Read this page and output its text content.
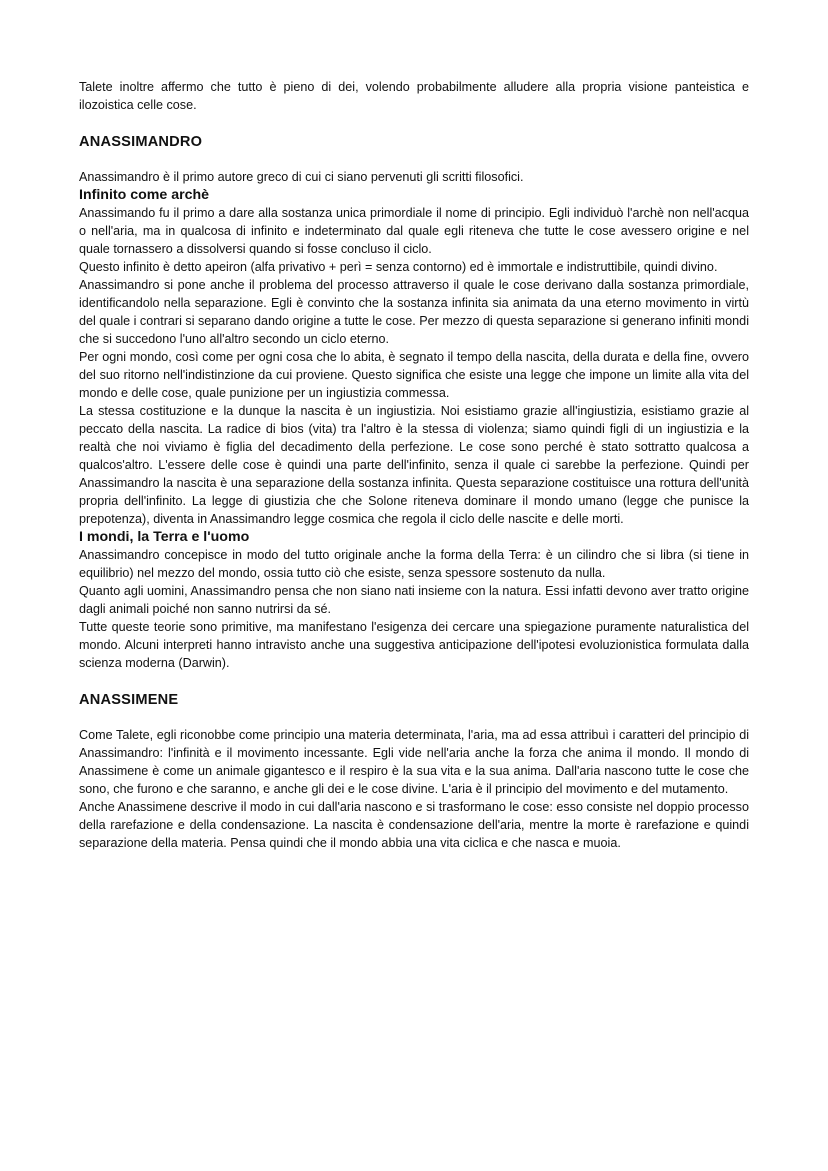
Talete inoltre affermo che tutto è pieno di dei, volendo probabilmente alludere alla propria visione panteistica e ilozoistica celle cose.

ANASSIMANDRO

Anassimandro è il primo autore greco di cui ci siano pervenuti gli scritti filosofici.

Infinito come archè

Anassimando fu il primo a dare alla sostanza unica primordiale il nome di principio. Egli individuò l'archè non nell'acqua o nell'aria, ma in qualcosa di infinito e indeterminato dal quale egli riteneva che tutte le cose avessero origine e nel quale tornassero a dissolversi quando si fosse concluso il ciclo.

Questo infinito è detto apeiron (alfa privativo + perì = senza contorno) ed è immortale e indistruttibile, quindi divino.

Anassimandro si pone anche il problema del processo attraverso il quale le cose derivano dalla sostanza primordiale, identificandolo nella separazione. Egli è convinto che la sostanza infinita sia animata da una eterno movimento in virtù del quale i contrari si separano dando origine a tutte le cose. Per mezzo di questa separazione si generano infiniti mondi che si succedono l'uno all'altro secondo un ciclo eterno.

Per ogni mondo, così come per ogni cosa che lo abita, è segnato il tempo della nascita, della durata e della fine, ovvero del suo ritorno nell'indistinzione da cui proviene. Questo significa che esiste una legge che impone un limite alla vita del mondo e delle cose, quale punizione per un ingiustizia commessa.

La stessa costituzione e la dunque la nascita è un ingiustizia. Noi esistiamo grazie all'ingiustizia, esistiamo grazie al peccato della nascita. La radice di bios (vita) tra l'altro è la stessa di violenza; siamo quindi figli di un ingiustizia e la realtà che noi viviamo è figlia del decadimento della perfezione. Le cose sono perché è stato sottratto qualcosa a qualcos'altro. L'essere delle cose è quindi una parte dell'infinito, senza il quale ci sarebbe la perfezione. Quindi per Anassimandro la nascita è una separazione della sostanza infinita. Questa separazione costituisce una rottura dell'unità propria dell'infinito. La legge di giustizia che che Solone riteneva dominare il mondo umano (legge che punisce la prepotenza), diventa in Anassimandro legge cosmica che regola il ciclo delle nascite e delle morti.

I mondi, la Terra e l'uomo

Anassimandro concepisce in modo del tutto originale anche la forma della Terra: è un cilindro che si libra (si tiene in equilibrio) nel mezzo del mondo, ossia tutto ciò che esiste, senza spessore sostenuto da nulla.

Quanto agli uomini, Anassimandro pensa che non siano nati insieme con la natura. Essi infatti devono aver tratto origine dagli animali poiché non sanno nutrirsi da sé.

Tutte queste teorie sono primitive, ma manifestano l'esigenza dei cercare una spiegazione puramente naturalistica del mondo. Alcuni interpreti hanno intravisto anche una suggestiva anticipazione dell'ipotesi evoluzionistica formulata dalla scienza moderna (Darwin).

ANASSIMENE

Come Talete, egli riconobbe come principio una materia determinata, l'aria, ma ad essa attribuì i caratteri del principio di Anassimandro: l'infinità e il movimento incessante. Egli vide nell'aria anche la forza che anima il mondo. Il mondo di Anassimene è come un animale gigantesco e il respiro è la sua vita e la sua anima. Dall'aria nascono tutte le cose che sono, che furono e che saranno, e anche gli dei e le cose divine. L'aria è il principio del movimento e del mutamento.

Anche Anassimene descrive il modo in cui dall'aria nascono e si trasformano le cose: esso consiste nel doppio processo della rarefazione e della condensazione. La nascita è condensazione dell'aria, mentre la morte è rarefazione e quindi separazione della materia. Pensa quindi che il mondo abbia una vita ciclica e che nasca e muoia.
